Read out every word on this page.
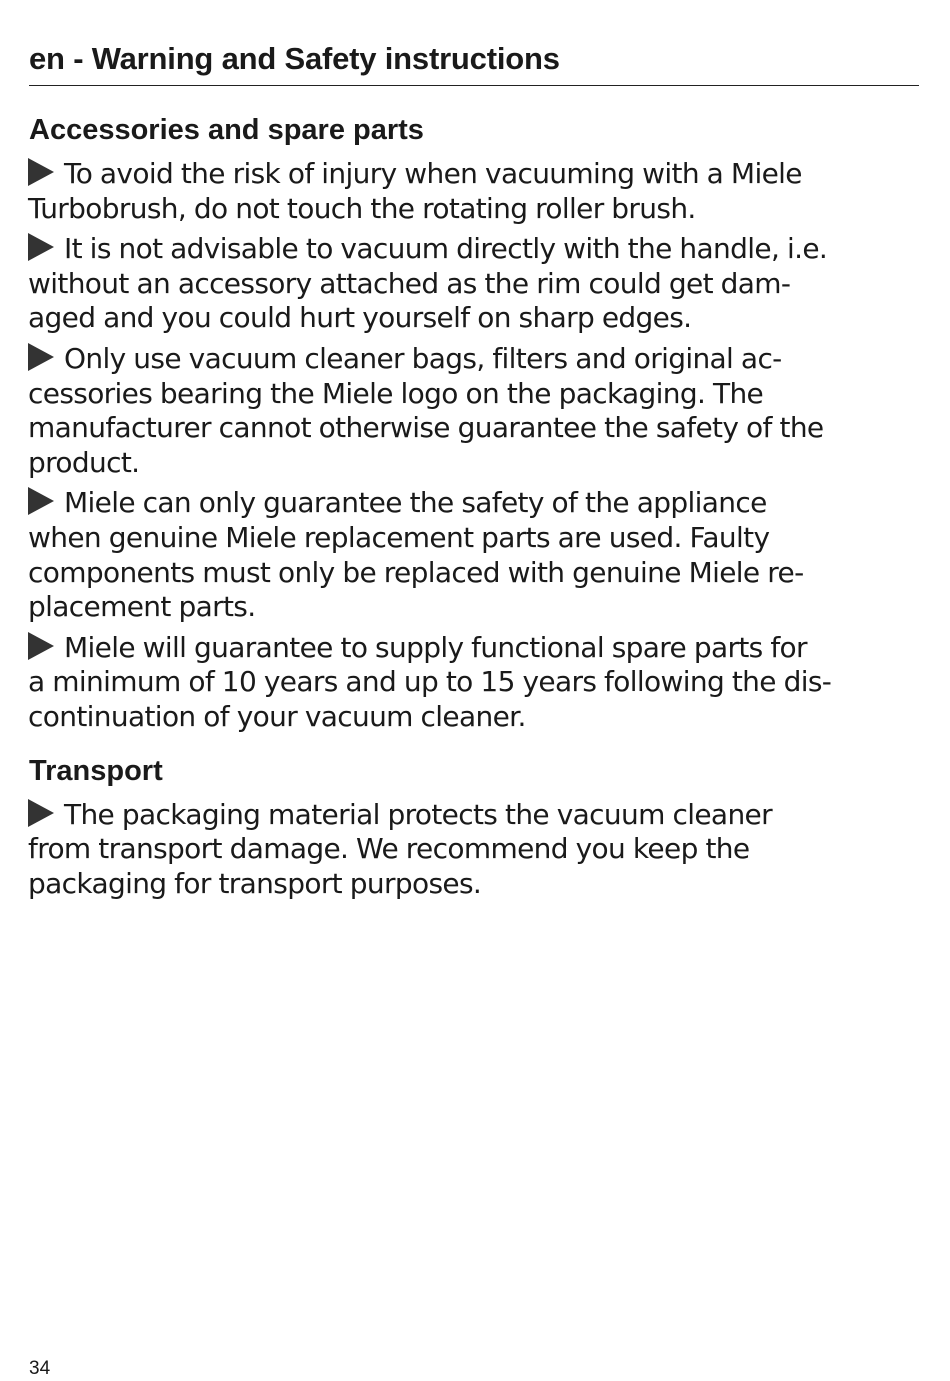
en - Warning and Safety instructions
Accessories and spare parts
To avoid the risk of injury when vacuuming with a Miele
Turbobrush, do not touch the rotating roller brush.
It is not advisable to vacuum directly with the handle, i.e.
without an accessory attached as the rim could get dam-
aged and you could hurt yourself on sharp edges.
Only use vacuum cleaner bags, filters and original ac-
cessories bearing the Miele logo on the packaging. The
manufacturer cannot otherwise guarantee the safety of the
product.
Miele can only guarantee the safety of the appliance
when genuine Miele replacement parts are used. Faulty
components must only be replaced with genuine Miele re-
placement parts.
Miele will guarantee to supply functional spare parts for
a minimum of 10 years and up to 15 years following the dis-
continuation of your vacuum cleaner.
Transport
The packaging material protects the vacuum cleaner
from transport damage. We recommend you keep the
packaging for transport purposes.
34
